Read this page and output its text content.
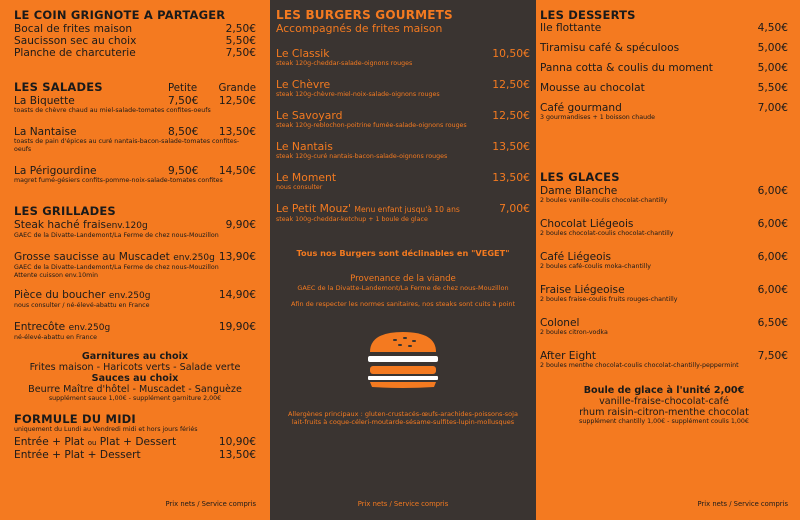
LE COIN GRIGNOTE A PARTAGER
Bocal de frites maison	2,50€
Saucisson sec au choix	5,50€
Planche de charcuterie	7,50€
LES SALADES	Petite	Grande
La Biquette	7,50€	12,50€
toasts de chèvre chaud au miel-salade-tomates confites-oeufs
La Nantaise	8,50€	13,50€
toasts de pain d'épices au curé nantais-bacon-salade-tomates confites-oeufs
La Périgourdine	9,50€	14,50€
magret fumé-gésiers confits-pomme-noix-salade-tomates confites
LES GRILLADES
Steak haché fraisenv.120g	9,90€
GAEC de la Divatte-Landemont/La Ferme de chez nous-Mouzillon
Grosse saucisse au Muscadet env.250g 13,90€
GAEC de la Divatte-Landemont/La Ferme de chez nous-Mouzillon
Attente cuisson env.10min
Pièce du boucher env.250g	14,90€
nous consulter / né-élevé-abattu en France
Entrecôte env.250g	19,90€
né-élevé-abattu en France
Garnitures au choix
Frites maison - Haricots verts - Salade verte
Sauces au choix
Beurre Maître d'hôtel - Muscadet - Sanguèze
supplément sauce 1,00€ - supplément garniture 2,00€
FORMULE DU MIDI
uniquement du Lundi au Vendredi midi et hors jours fériés
Entrée + Plat ou Plat + Dessert	10,90€
Entrée + Plat + Dessert	13,50€
Prix nets / Service compris
LES BURGERS GOURMETS
Accompagnés de frites maison
Le Classik	10,50€
steak 120g-cheddar-salade-oignons rouges
Le Chèvre	12,50€
steak 120g-chèvre-miel-noix-salade-oignons rouges
Le Savoyard	12,50€
steak 120g-reblochon-poitrine fumée-salade-oignons rouges
Le Nantais	13,50€
steak 120g-curé nantais-bacon-salade-oignons rouges
Le Moment	13,50€
nous consulter
Le Petit Mouz' Menu enfant jusqu'à 10 ans	7,00€
steak 100g-cheddar-ketchup + 1 boule de glace
Tous nos Burgers sont déclinables en "VEGET"
Provenance de la viande
GAEC de la Divatte-Landemont/La Ferme de chez nous-Mouzillon
Afin de respecter les normes sanitaires, nos steaks sont cuits à point
Allergènes principaux : gluten-crustacés-œufs-arachides-poissons-soja
lait-fruits à coque-céleri-moutarde-sésame-sulfites-lupin-mollusques
Prix nets / Service compris
LES DESSERTS
Ile flottante	4,50€
Tiramisu café & spéculoos	5,00€
Panna cotta & coulis du moment	5,00€
Mousse au chocolat	5,50€
Café gourmand	7,00€
3 gourmandises + 1 boisson chaude
LES GLACES
Dame Blanche	6,00€
2 boules vanille-coulis chocolat-chantilly
Chocolat Liégeois	6,00€
2 boules chocolat-coulis chocolat-chantilly
Café Liégeois	6,00€
2 boules café-coulis moka-chantilly
Fraise Liégeoise	6,00€
2 boules fraise-coulis fruits rouges-chantilly
Colonel	6,50€
2 boules citron-vodka
After Eight	7,50€
2 boules menthe chocolat-coulis chocolat-chantilly-peppermint
Boule de glace à l'unité 2,00€
vanille-fraise-chocolat-café
rhum raisin-citron-menthe chocolat
supplément chantilly 1,00€ - supplément coulis 1,00€
Prix nets / Service compris
